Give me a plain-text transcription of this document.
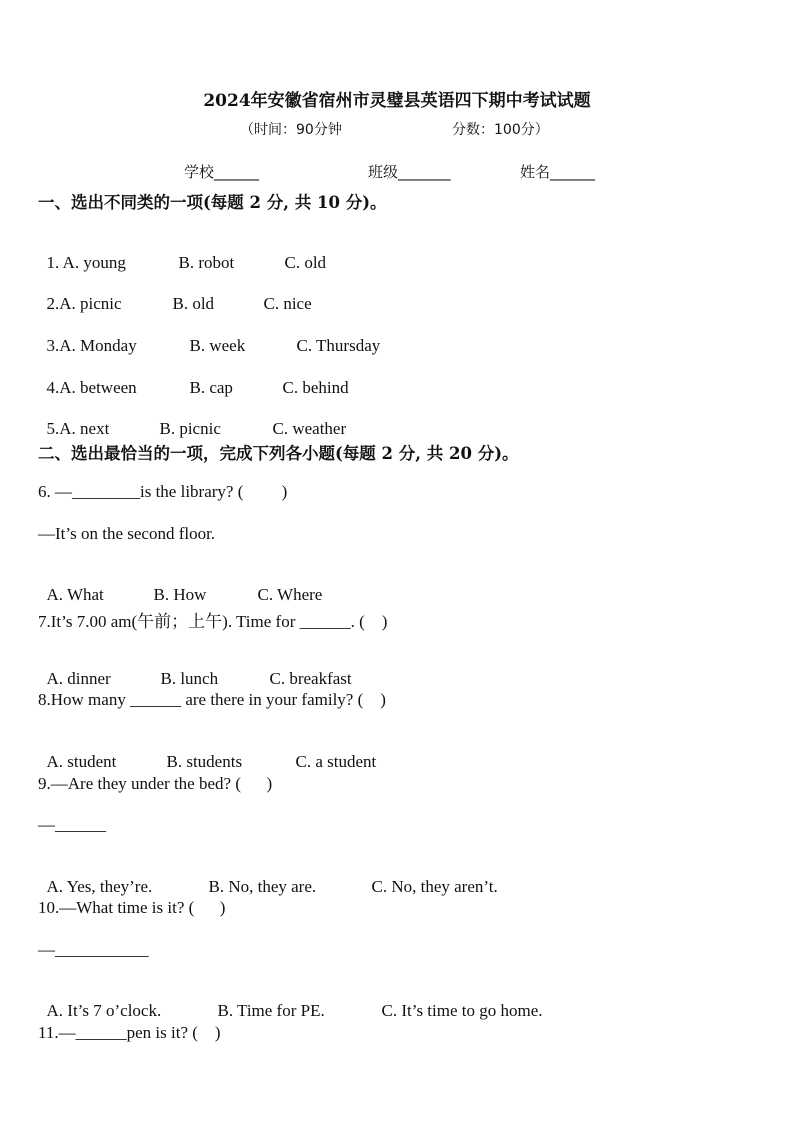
2024年安徽省宿州市灵璧县英语四下期中考试试题
（时间：90分钟	分数：100分）
学校______	班级_______	姓名______
一、选出不同类的一项(每题 2 分, 共 10 分)。

1. A. young	B. robot	C. old

2.A. picnic	B. old	C. nice

3.A. Monday	B. week	C. Thursday

4.A. between	B. cap	C. behind

5.A. next	B. picnic	C. weather

二、选出最恰当的一项，完成下列各小题(每题 2 分, 共 20 分)。
6. —________is the library? (         )
—It’s on the second floor.

A. What	B. How	C. Where

7.It’s 7.00 am(午前；上午). Time for ______. (    )

A. dinner	B. lunch	C. breakfast

8.How many ______ are there in your family? (    )

A. student	B. students	C. a student

9.—Are they under the bed? (      )
—______

A. Yes, they’re.	B. No, they are.	C. No, they aren’t.

10.—What time is it? (      )
—___________

A. It’s 7 o’clock.	B. Time for PE.	C. It’s time to go home.

11.—______pen is it? (    )
